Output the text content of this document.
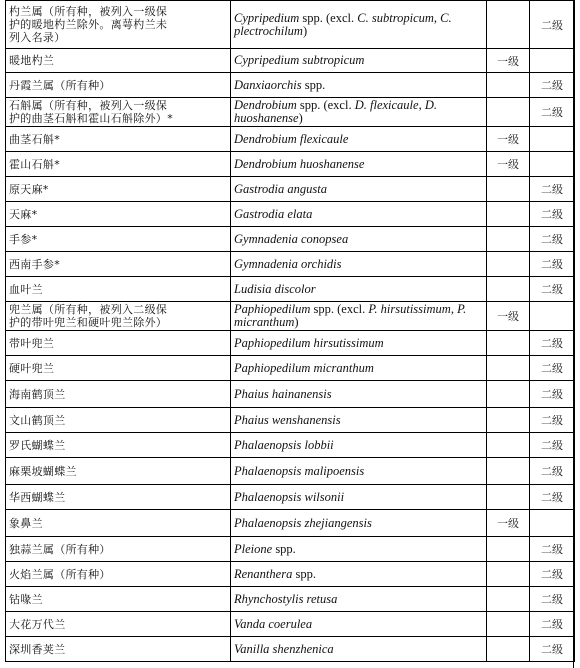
杓兰属（所有种，被列入一级保
护的暖地杓兰除外。离萼杓兰未
列入名录）	Cypripedium spp. (excl. C. subtropicum, C. plectrochilum)		二级
暖地杓兰	Cypripedium subtropicum	一级	
丹霞兰属（所有种）	Danxiaorchis spp.		二级
石斛属（所有种，被列入一级保
护的曲茎石斛和霍山石斛除外）*	Dendrobium spp. (excl. D. flexicaule, D. huoshanense)		二级
曲茎石斛*	Dendrobium flexicaule	一级	
霍山石斛*	Dendrobium huoshanense	一级	
原天麻*	Gastrodia angusta		二级
天麻*	Gastrodia elata		二级
手参*	Gymnadenia conopsea		二级
西南手参*	Gymnadenia orchidis		二级
血叶兰	Ludisia discolor		二级
兜兰属（所有种，被列入二级保
护的带叶兜兰和硬叶兜兰除外）	Paphiopedilum spp. (excl. P. hirsutissimum, P. micranthum)	一级	
带叶兜兰	Paphiopedilum hirsutissimum		二级
硬叶兜兰	Paphiopedilum micranthum		二级
海南鹤顶兰	Phaius hainanensis		二级
文山鹤顶兰	Phaius wenshanensis		二级
罗氏蝴蝶兰	Phalaenopsis lobbii		二级
麻栗坡蝴蝶兰	Phalaenopsis malipoensis		二级
华西蝴蝶兰	Phalaenopsis wilsonii		二级
象鼻兰	Phalaenopsis zhejiangensis	一级	
独蒜兰属（所有种）	Pleione spp.		二级
火焰兰属（所有种）	Renanthera spp.		二级
钻喙兰	Rhynchostylis retusa		二级
大花万代兰	Vanda coerulea		二级
深圳香荚兰	Vanilla shenzhenica		二级
